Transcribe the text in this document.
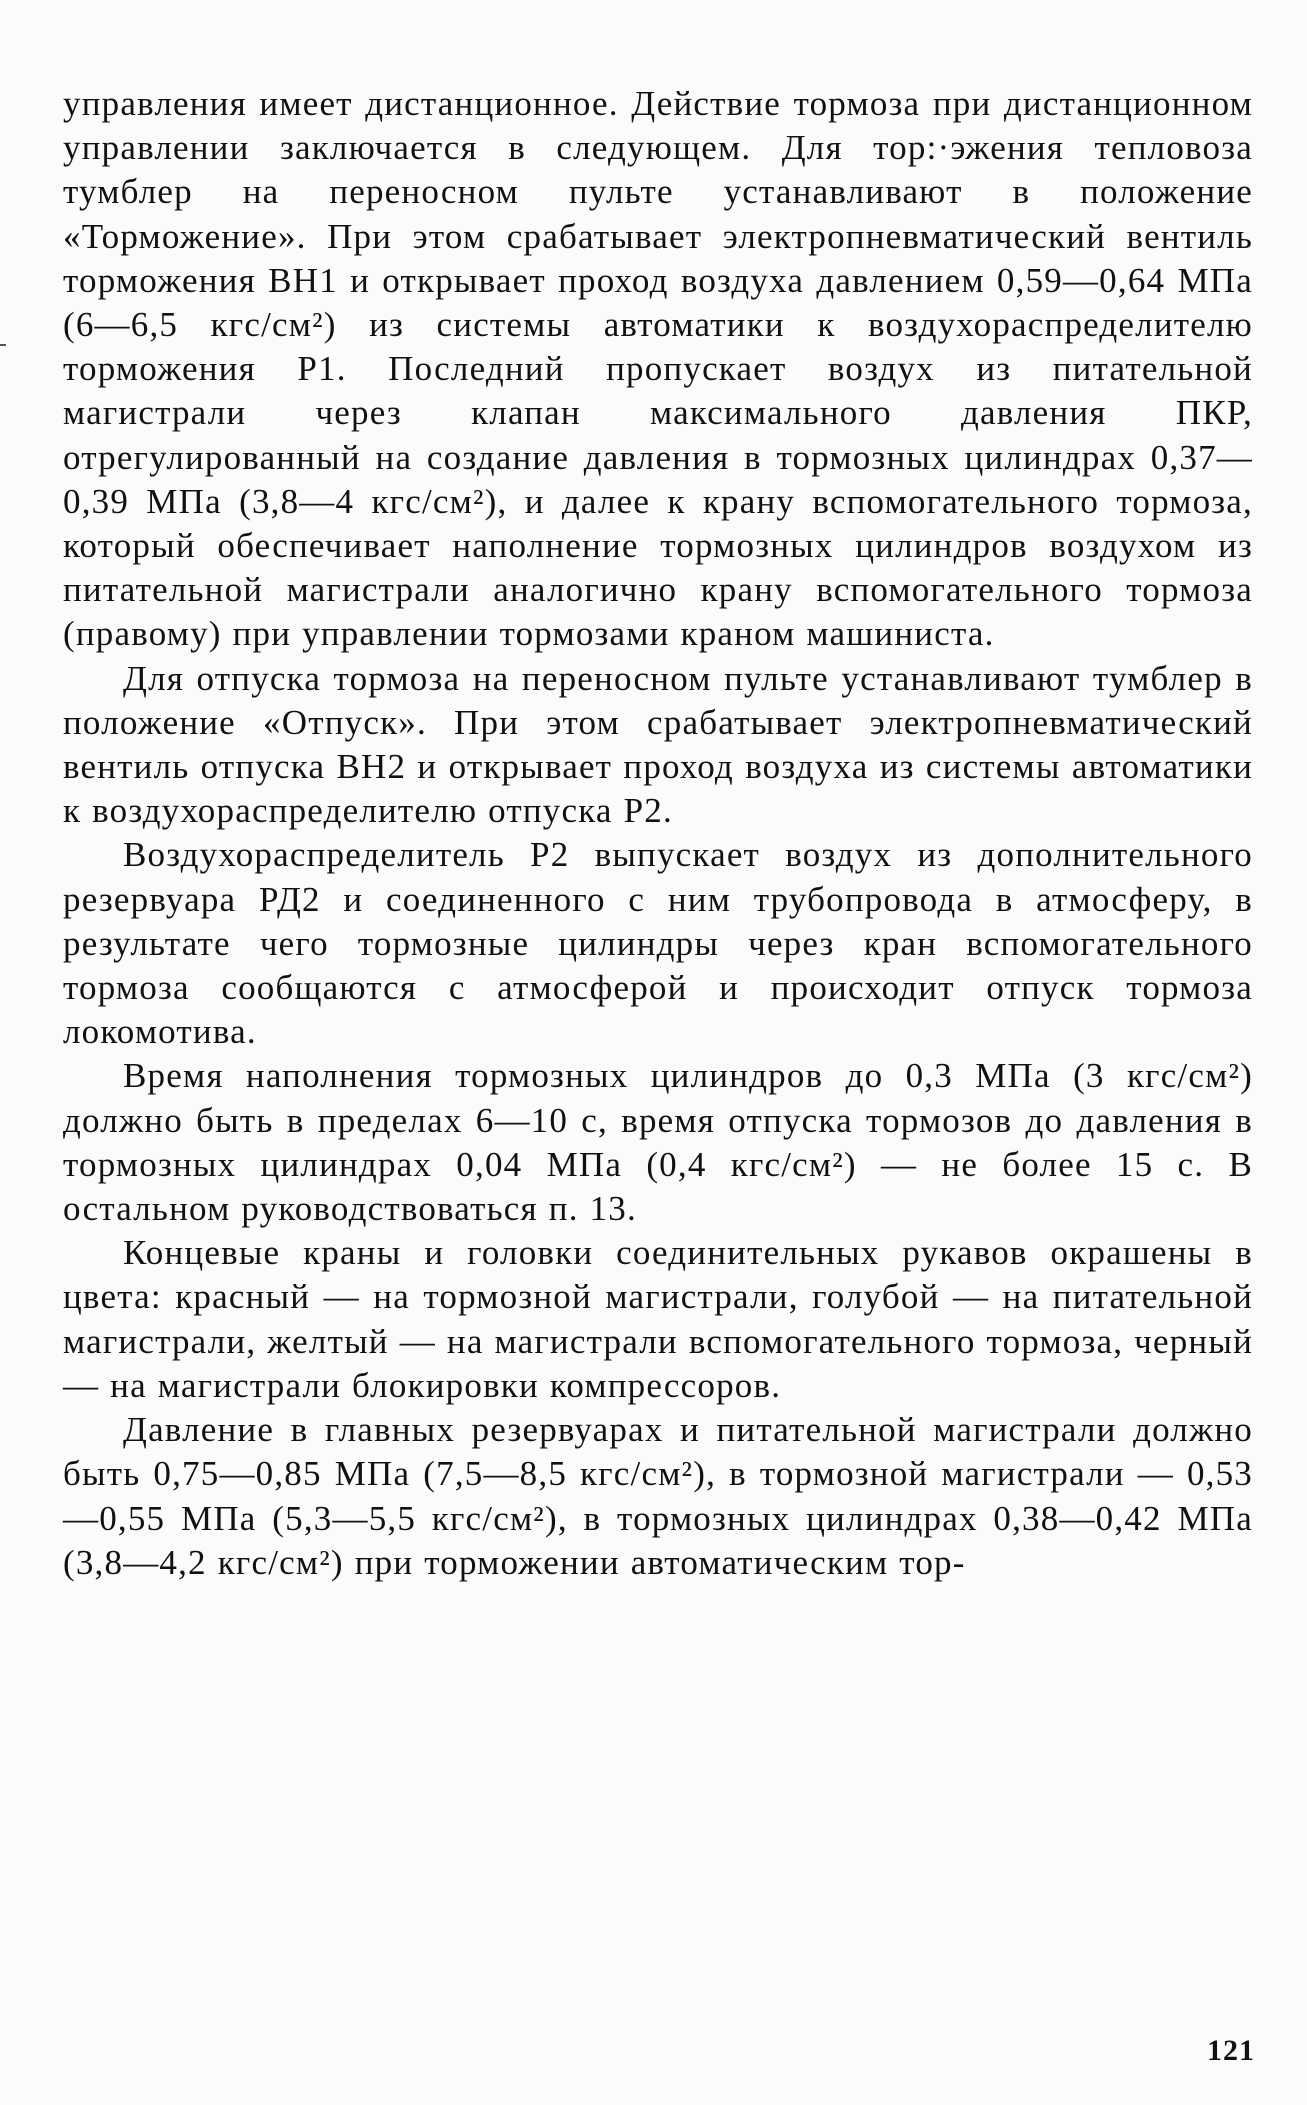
управления имеет дистанционное. Действие тормоза при дистанционном управлении заключается в следующем. Для тор:·эжения тепловоза тумблер на переносном пульте устанавливают в положение «Торможение». При этом срабатывает электропневматический вентиль торможения ВН1 и открывает проход воздуха давлением 0,59—0,64 МПа (6—6,5 кгс/см²) из системы автоматики к воздухораспределителю торможения Р1. Последний пропускает воздух из питательной магистрали через клапан максимального давления ПКР, отрегулированный на создание давления в тормозных цилиндрах 0,37—0,39 МПа (3,8—4 кгс/см²), и далее к крану вспомогательного тормоза, который обеспечивает наполнение тормозных цилиндров воздухом из питательной магистрали аналогично крану вспомогательного тормоза (правому) при управлении тормозами краном машиниста.

Для отпуска тормоза на переносном пульте устанавливают тумблер в положение «Отпуск». При этом срабатывает электропневматический вентиль отпуска ВН2 и открывает проход воздуха из системы автоматики к воздухораспределителю отпуска Р2.

Воздухораспределитель Р2 выпускает воздух из дополнительного резервуара РД2 и соединенного с ним трубопровода в атмосферу, в результате чего тормозные цилиндры через кран вспомогательного тормоза сообщаются с атмосферой и происходит отпуск тормоза локомотива.

Время наполнения тормозных цилиндров до 0,3 МПа (3 кгс/см²) должно быть в пределах 6—10 с, время отпуска тормозов до давления в тормозных цилиндрах 0,04 МПа (0,4 кгс/см²) — не более 15 с. В остальном руководствоваться п. 13.

Концевые краны и головки соединительных рукавов окрашены в цвета: красный — на тормозной магистрали, голубой — на питательной магистрали, желтый — на магистрали вспомогательного тормоза, черный — на магистрали блокировки компрессоров.

Давление в главных резервуарах и питательной магистрали должно быть 0,75—0,85 МПа (7,5—8,5 кгс/см²), в тормозной магистрали — 0,53—0,55 МПа (5,3—5,5 кгс/см²), в тормозных цилиндрах 0,38—0,42 МПа (3,8—4,2 кгс/см²) при торможении автоматическим тор-

121
